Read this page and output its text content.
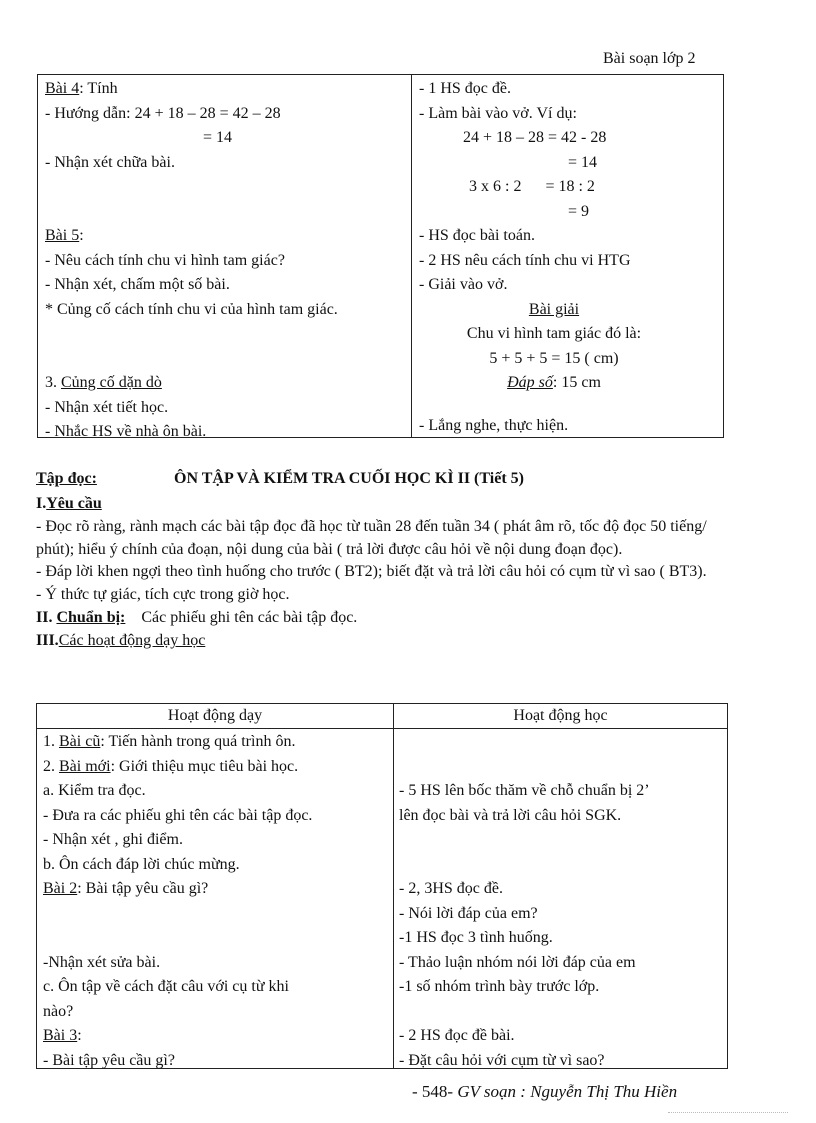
Bài soạn lớp 2
Bài 4: Tính
- Hướng dẫn: 24 + 18 – 28 = 42 – 28
= 14
- Nhận xét chữa bài.
Bài 5:
- Nêu cách tính chu vi hình tam giác?
- Nhận xét, chấm một số bài.
* Củng cố cách tính chu vi của hình tam giác.
3. Củng cố dặn dò
- Nhận xét tiết học.
- Nhắc HS về nhà ôn bài.
- 1 HS đọc đề.
- Làm bài vào vở. Ví dụ:
24 + 18 – 28 = 42 - 28
= 14
3 x 6 : 2      = 18 : 2
= 9
- HS đọc bài toán.
- 2 HS nêu cách tính chu vi HTG
- Giải vào vở.
Bài giải
Chu vi hình tam giác đó là:
5 + 5 + 5 = 15 ( cm)
Đáp số: 15 cm
- Lắng nghe, thực hiện.
Tập đọc:	ÔN TẬP VÀ KIỂM TRA CUỐI HỌC KÌ II (Tiết 5)
I.Yêu cầu
- Đọc rõ ràng, rành mạch các bài tập đọc đã học từ tuần 28 đến tuần 34 ( phát âm rõ, tốc độ đọc 50 tiếng/ phút); hiểu ý chính của đoạn, nội dung của bài ( trả lời được câu hỏi về nội dung đoạn đọc).
- Đáp lời khen ngợi theo tình huống cho trước ( BT2); biết đặt và trả lời câu hỏi có cụm từ vì sao ( BT3).
- Ý thức tự giác, tích cực trong giờ học.
II. Chuẩn bị:    Các phiếu ghi tên các bài tập đọc.
III.Các hoạt động dạy học
Hoạt động dạy	Hoạt động học
1. Bài cũ: Tiến hành trong quá trình ôn.
2. Bài mới: Giới thiệu mục tiêu bài học.
a. Kiểm tra đọc.
- Đưa ra các phiếu ghi tên các bài tập đọc.
- Nhận xét , ghi điểm.
b. Ôn cách đáp lời chúc mừng.
Bài 2: Bài tập yêu cầu gì?

-Nhận xét sửa bài.
c. Ôn tập về cách đặt câu với cụ từ khi
nào?
Bài 3:
- Bài tập yêu cầu gì?

- 5 HS lên bốc thăm về chỗ chuẩn bị 2’
lên đọc bài và trả lời câu hỏi SGK.

- 2, 3HS đọc đề.
- Nói lời đáp của em?
-1 HS đọc 3 tình huống.
- Thảo luận nhóm nói lời đáp của em
-1 số nhóm trình bày trước lớp.

- 2 HS đọc đề bài.
- Đặt câu hỏi với cụm từ vì sao?
- 548- GV soạn : Nguyễn Thị Thu Hiền
